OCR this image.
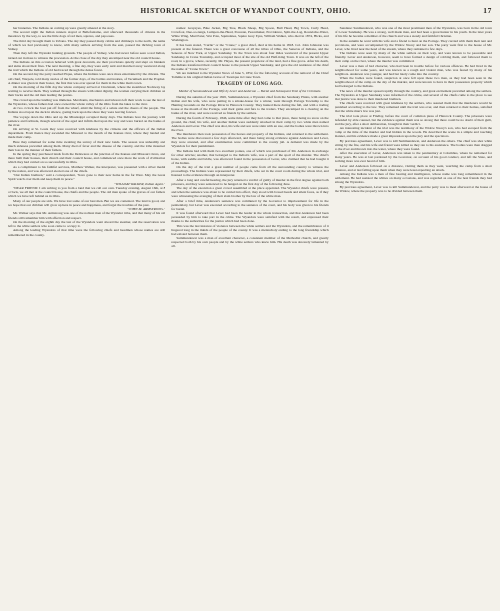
HISTORICAL SKETCH OF WYANDOT COUNTY, OHIO.	17

her brunettes. The Indians on coming up were greatly amazed at the story.

The second night the Indian runners stayed at Bellefontaine, and afterward thousands of citizens in the meadows by the way, to see the little dogs of red men, squaws, and papooses.

The third day brought them to Urbana. The day they passed many cabins and chimneys to the north, the name of which we had previously to know, with many settlers arriving from the east, passed the thriving town of Sidney.

Then they left the Wyandot hunting grounds. The people of Sidney, who had never before seen a real Indian, turned out in mass to witness the procession. At the close of the day they encamped near the old council house.

The Indians on this occasion behaved with great decorum, ate their provisions quietly and slept on blankets and skins about their fires. The next morning, a fine day, they were early astir and marched away westward along the trail which the Indians of old had traced through the dense forest.

On the second day the party reached Piqua, where the Indians were once more entertained by the citizens. The old chief, Warpole, told many stories of the former days, of the battles and treaties, of Tecumseh and the Prophet. A dinner was given in their honor, the first that was ever spread for them in the white man's town.

On the morning of the fifth day the whole company arrived at Cincinnati, where the steamboat Nodaway lay waiting to receive them. They walked through the streets with silent dignity, the women carrying their children on their backs and the old men leading the ponies.

The crowd upon the landing was immense. Merchants, mechanics and laborers left their work to see the last of the Wyandots, whose fathers had once owned the whole valley of the Ohio from the lakes to the river.

At two o'clock the boat put off from the wharf, amid the firing of a salute and the cheers of the people. The Indians stood upon the deck in silence, gazing back upon the shore they were leaving forever.

The voyage down the Ohio and up the Mississippi occupied many days. The Indians bore the journey with patience and fortitude, though several of the aged and infirm died upon the way and were buried on the banks of the river.

On arriving at St. Louis they were received with kindness by the citizens and the officers of the Indian department. From thence they ascended the Missouri to the mouth of the Kansas river, where they landed and made their camp.

Here they remained for some time awaiting the survey of their new lands. The season was unhealthy and much sickness prevailed among them. Many died of fever and the disease of the country, and the tribe mourned their loss in the manner of their fathers.

In the spring they purchased lands from the Delawares at the junction of the Kansas and Missouri rivers, and there built their houses, their church and their council house, and commenced once more the work of civilization which they had carried on so successfully in Ohio.

As a compliment to his faithful services, Matthew Walker, the interpreter, was presented with a silver medal by the nation, and was afterward elected one of the chiefs.

"Our Indian brethren," said a correspondent, "have gone to their new home in the far West. May the Great Spirit watch over them and keep them in peace."

"WILLIAM WALKER, Indian Agent."

"DEAR FRIEND: I am writing to you from a land that we call our own. Tuesday evening, August 16th, at 8 o'clock, we all met at the council house, the chiefs and the people. The old men spoke of the graves of our fathers which we have left behind us in Ohio.

Many of our people are sick. We have lost some of our best men. But we are contented. The land is good, and we hope that our children will grow up here in peace and happiness, and forget the troubles of the past.

"JOHN M. ARMSTRONG."

Mr. Walker says that Mr. Armstrong was one of the noblest men of the Wyandot tribe, and that many of his old friends still remember him with affection and respect.

On the morning of the eighth day the last of the Wyandots went aboard the steamer, and the reservation was left to the white settlers who soon came to occupy it.

Among the leading Wyandots of that time were the following chiefs and headmen whose names are still remembered in the county.

names: Grayeyes, Blue Jacket, Big Tree, Black Sheep, Big Spoon, Bull Head, Big Town, Curly Head, Crowfoot, Dee-oo-tunga, Lumpon-the-Head, Poucean, Peacemaker, Providence, Split-the-Log, Round-the-Water, White Wing, Mud Eater, War Pole, Squindatee, Squire Grey Eyes, William Walker, who died in 1874, Hicks, and Washington.

It has been stated, "Curlie" or the "Crane," a great chief, died at his home in 1818. Col. John Johnston was present at the funeral. There was a great concourse of all the tribes of Ohio, the Senecas of Indiana, and the Senecas of New York, at Upper Sandusky. To the Town was about four miles westward of the present Upper Sandusky, in Crane Township, and occupied most of the site of the old Half-King Town. It was on the left of the road, in a grove, where, recently, Mr. Hayes, the present proprietor of the land, had a fine grove. After his death, the Indians transferred their council house to the present Upper Sandusky, and gave the old residence of the chief the name of "Crane Town."

We are indebted to the Wyandot News of June 5, 1852, for the following account of the removal of the Chief Tommie to his original Indian Grave of Tooniqua in Crane Town.

TRAGEDY OF LONG AGO.

Murder of Summundewat and Wife by Lever and Anderson — Burial and Subsequent Trial of the Criminals.

During the autumn of the year 1845, Summundewat, a Wyandot chief from the Sandusky Plains, with another Indian and his wife, who were putting in a smoke-house for a winter, went through Portage Township to the Hunting Grounds on the Portage River in Hancock County. They hunted there during the fall, and with a trading house at the mouth of the Portage, sold their game and furs to the traders. They encamped in a clearing on the banks of the river, and were received as friends by the settlers.

During the fourth of February, 1846, some time after they had come to that place, there being no snow on the ground, the chief, his wife, and another Indian were suddenly attacked in their camp by two white men named Anderson and Lever. The chief was shot, his wife and son were slain with an axe, and the bodies were thrown into the river.

The murderers then took possession of the horses and property of the Indians, and returned to the settlement. The bodies were discovered a few days afterward, and there being strong evidence against Anderson and Lever, they were arrested, and after examination were committed to the county jail. A demand was made by the Wyandots for their punishment.

The Indians had with them two excellent ponies, one of which was purchased of Mr. Anderson in exchange for other articles; another, that belonged to the Indian's wife, was a part of the spoil of the murder. The chief's horse, with saddle and bridle, was afterward found in the possession of Lever, who claimed that he had bought it of the Indian.

On the day of the trial a great number of people came from all the surrounding country to witness the proceedings. The Indians were represented by their chiefs, who sat in the court room during the whole trial, and listened to the evidence through an interpreter.

After a long and careful hearing, the jury returned a verdict of guilty of murder in the first degree against both prisoners, and they were sentenced to be hanged on the first day of the following June.

The day of the execution a great crowd assembled at the place appointed. The Wyandot chiefs were present, and when the sentence was about to be carried into effect, they stood with bowed heads and silent faces, as if they were witnessing the avenging of their slain brother by the law of the white man.

After a brief time, Anderson's sentence was commuted by the Governor to imprisonment for life in the penitentiary, but Lever was executed according to the sentence of the court, and his body was given to his friends for burial.

It was found afterward that Lever had been the leader in the whole transaction, and that Anderson had been persuaded by him to take part in the crime. The Wyandots were satisfied with the result, and expressed their thanks to the authorities for the justice which had been done.

This was the last instance of violence between the white settlers and the Wyandots, and the remembrance of it lingered long in the minds of the people of the county. It was a melancholy ending to the long friendship which had existed between them.

Summundewat was a man of excellent character, a consistent member of the Methodist church, and greatly respected both by his own people and by the white settlers who knew him. His death was sincerely lamented by all.

Sundane: Sunmundewat, who was one of the most prominent men of the Wyandots, was born in the old town of Lower Sandusky. He was a strong, well made man, and had been a great hunter in his youth. In the later years of his life he became a member of the church and was a steady and faithful Christian.

In the autumn he went with his wife and a friend to hunt on the Portage. They carried with them their tent and provisions, and were accompanied by the Widow Nacey and her son. The party went first to the house of Mr. Lever, who lived near the head of the stream, where they remained a few days.

The Indians were seen by many of the white settlers on their way, and were known to be peaceable and friendly. Lever and Anderson, however, seem to have formed a design of robbing them, and followed them to their camp on the river, where the murder was committed.

Lever was a man of bad character, who had been in trouble before for various offences. He had lived in the neighborhood for some years, and was known as a rough and violent man, who was feared by many of his neighbors. Anderson was younger, and had but lately come into the country.

When the bodies were found, suspicion at once fell upon these two men, as they had been seen in the neighborhood of the camp on the day of the murder, and were known to have in their possession property which had belonged to the Indians.

The news of the murder spread rapidly through the country, and great excitement prevailed among the settlers. The Wyandots at Upper Sandusky were informed of the crime, and several of the chiefs came to the place to see that justice was done to their murdered brethren.

The chiefs were received with great kindness by the settlers, who assured them that the murderers would be punished according to the law. They remained until the trial was over, and then returned to their homes, satisfied that the white man's law was just.

The trial took place at Findlay, before the court of common pleas of Hancock County. The prisoners were defended by able counsel, but the evidence against them was so strong that there could be no doubt of their guilt, and the jury, after a short deliberation, brought in their verdict.

An interesting incident of the trial was the testimony of the Widow Nacey's son, who had escaped from the camp at the time of the murder and had hidden in the woods. He described the scene in a simple and touching manner, and his evidence made a great impression upon the jury and the spectators.

By previous agreement, Lever was to kill Summundewat, and Anderson the others. The chief was shot while sitting by the fire, and his wife and friend were killed as they ran to his assistance. The bodies were then dragged to the river and thrown into the water, where they were found.

After the execution of Lever, Anderson was taken to the penitentiary at Columbus, where he remained for many years. He was at last pardoned by the Governor, on account of his good conduct, and left the State, and nothing more was ever heard of him.

Lever and Anderson followed on a distance, visiting them as they went, watching the camp from a short distance, and at last falling upon them when they were least expecting an attack.

Among the Indians was a man of fine bearing and intelligence, whose name was long remembered in the settlement. He had assisted the whites on many occasions, and was regarded as one of the best friends they had among the Wyandots.

By previous agreement, Lever was to kill Summundewat, and the party was to meet afterward at the house of the Widow, where the property was to be divided between them.
